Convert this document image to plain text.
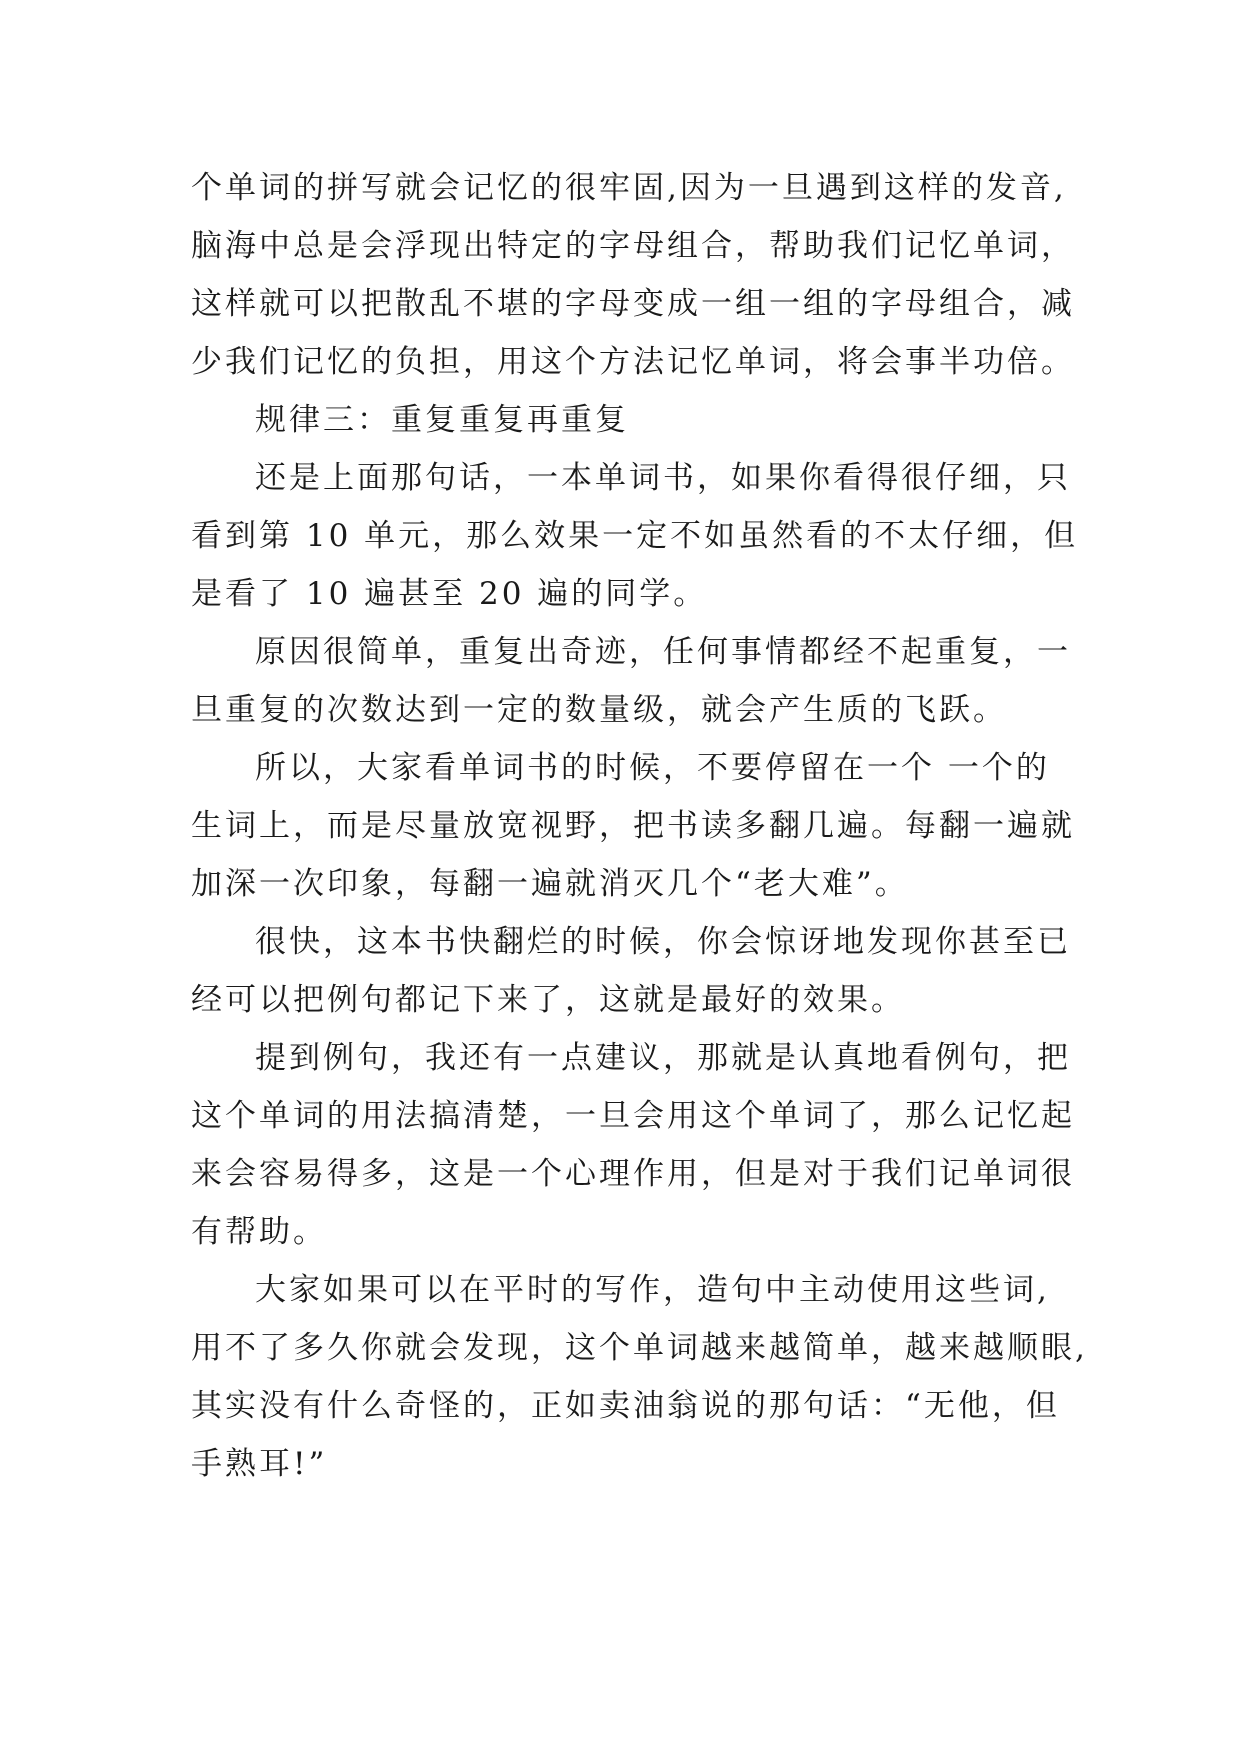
个单词的拼写就会记忆的很牢固,因为一旦遇到这样的发音,
脑海中总是会浮现出特定的字母组合，帮助我们记忆单词，
这样就可以把散乱不堪的字母变成一组一组的字母组合，减
少我们记忆的负担，用这个方法记忆单词，将会事半功倍。
规律三：重复重复再重复
还是上面那句话，一本单词书，如果你看得很仔细，只
看到第 10 单元，那么效果一定不如虽然看的不太仔细，但
是看了 10 遍甚至 20 遍的同学。
原因很简单，重复出奇迹，任何事情都经不起重复，一
旦重复的次数达到一定的数量级，就会产生质的飞跃。
所以，大家看单词书的时候，不要停留在一个 一个的
生词上，而是尽量放宽视野，把书读多翻几遍。每翻一遍就
加深一次印象，每翻一遍就消灭几个“老大难”。
很快，这本书快翻烂的时候，你会惊讶地发现你甚至已
经可以把例句都记下来了，这就是最好的效果。
提到例句，我还有一点建议，那就是认真地看例句，把
这个单词的用法搞清楚，一旦会用这个单词了，那么记忆起
来会容易得多，这是一个心理作用，但是对于我们记单词很
有帮助。
大家如果可以在平时的写作，造句中主动使用这些词,
用不了多久你就会发现，这个单词越来越简单，越来越顺眼,
其实没有什么奇怪的，正如卖油翁说的那句话：“无他，但
手熟耳!”
